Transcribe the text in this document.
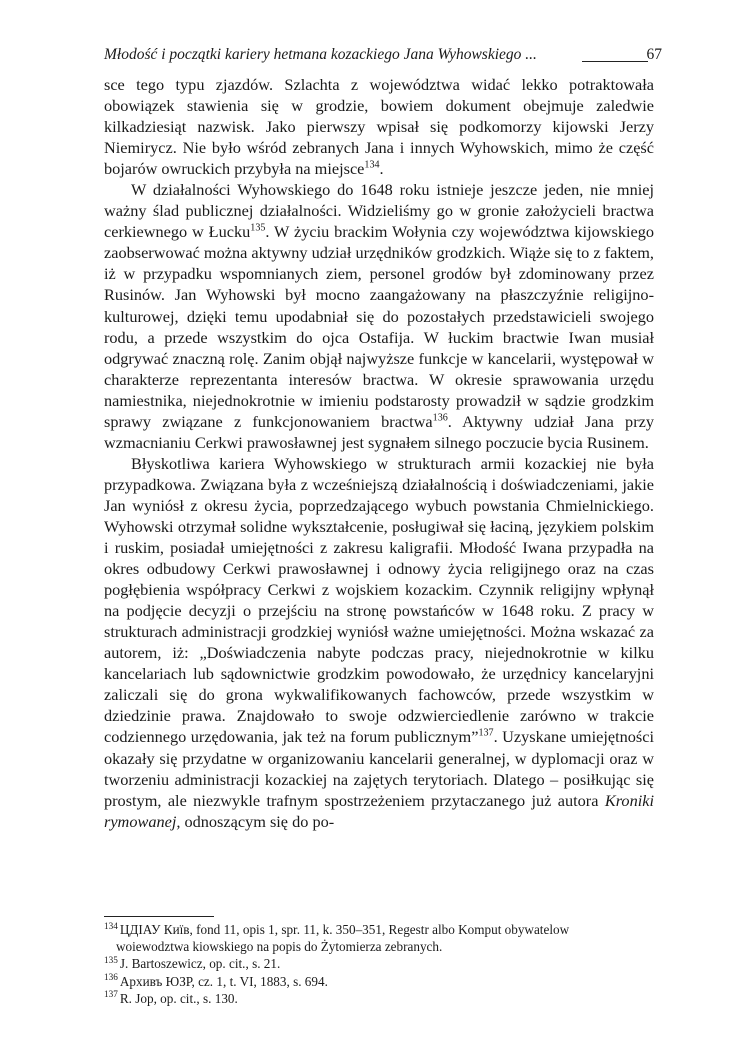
Młodość i początki kariery hetmana kozackiego Jana Wyhowskiego ...	67

sce tego typu zjazdów. Szlachta z województwa widać lekko potraktowała obowiązek stawienia się w grodzie, bowiem dokument obejmuje zaledwie kilkadziesiąt nazwisk. Jako pierwszy wpisał się podkomorzy kijowski Jerzy Niemirycz. Nie było wśród zebranych Jana i innych Wyhowskich, mimo że część bojarów owruckich przybyła na miejsce$^{134}$.

W działalności Wyhowskiego do 1648 roku istnieje jeszcze jeden, nie mniej ważny ślad publicznej działalności. Widzieliśmy go w gronie założycieli bractwa cerkiewnego w Łucku$^{135}$. W życiu brackim Wołynia czy województwa kijowskiego zaobserwować można aktywny udział urzędników grodzkich. Wiąże się to z faktem, iż w przypadku wspomnianych ziem, personel grodów był zdominowany przez Rusinów. Jan Wyhowski był mocno zaangażowany na płaszczyźnie religijno-kulturowej, dzięki temu upodabniał się do pozostałych przedstawicieli swojego rodu, a przede wszystkim do ojca Ostafija. W łuckim bractwie Iwan musiał odgrywać znaczną rolę. Zanim objął najwyższe funkcje w kancelarii, występował w charakterze reprezentanta interesów bractwa. W okresie sprawowania urzędu namiestnika, niejednokrotnie w imieniu podstarosty prowadził w sądzie grodzkim sprawy związane z funkcjonowaniem bractwa$^{136}$. Aktywny udział Jana przy wzmacnianiu Cerkwi prawosławnej jest sygnałem silnego poczucie bycia Rusinem.

Błyskotliwa kariera Wyhowskiego w strukturach armii kozackiej nie była przypadkowa. Związana była z wcześniejszą działalnością i doświadczeniami, jakie Jan wyniósł z okresu życia, poprzedzającego wybuch powstania Chmielnickiego. Wyhowski otrzymał solidne wykształcenie, posługiwał się łaciną, językiem polskim i ruskim, posiadał umiejętności z zakresu kaligrafii. Młodość Iwana przypadła na okres odbudowy Cerkwi prawosławnej i odnowy życia religijnego oraz na czas pogłębienia współpracy Cerkwi z wojskiem kozackim. Czynnik religijny wpłynął na podjęcie decyzji o przejściu na stronę powstańców w 1648 roku. Z pracy w strukturach administracji grodzkiej wyniósł ważne umiejętności. Można wskazać za autorem, iż: „Doświadczenia nabyte podczas pracy, niejednokrotnie w kilku kancelariach lub sądownictwie grodzkim powodowało, że urzędnicy kancelaryjni zaliczali się do grona wykwalifikowanych fachowców, przede wszystkim w dziedzinie prawa. Znajdowało to swoje odzwierciedlenie zarówno w trakcie codziennego urzędowania, jak też na forum publicznym”$^{137}$. Uzyskane umiejętności okazały się przydatne w organizowaniu kancelarii generalnej, w dyplomacji oraz w tworzeniu administracji kozackiej na zajętych terytoriach. Dlatego – posiłkując się prostym, ale niezwykle trafnym spostrzeżeniem przytaczanego już autora Kroniki rymowanej, odnoszącym się do po-

$^{134}$ ЦДІАУ Київ, fond 11, opis 1, spr. 11, k. 350–351, Regestr albo Komput obywatelow
woiewodztwa kiowskiego na popis do Żytomierza zebranych.

$^{135}$ J. Bartoszewicz, op. cit., s. 21.

$^{136}$ Архивъ ЮЗР, cz. 1, t. VI, 1883, s. 694.

$^{137}$ R. Jop, op. cit., s. 130.
